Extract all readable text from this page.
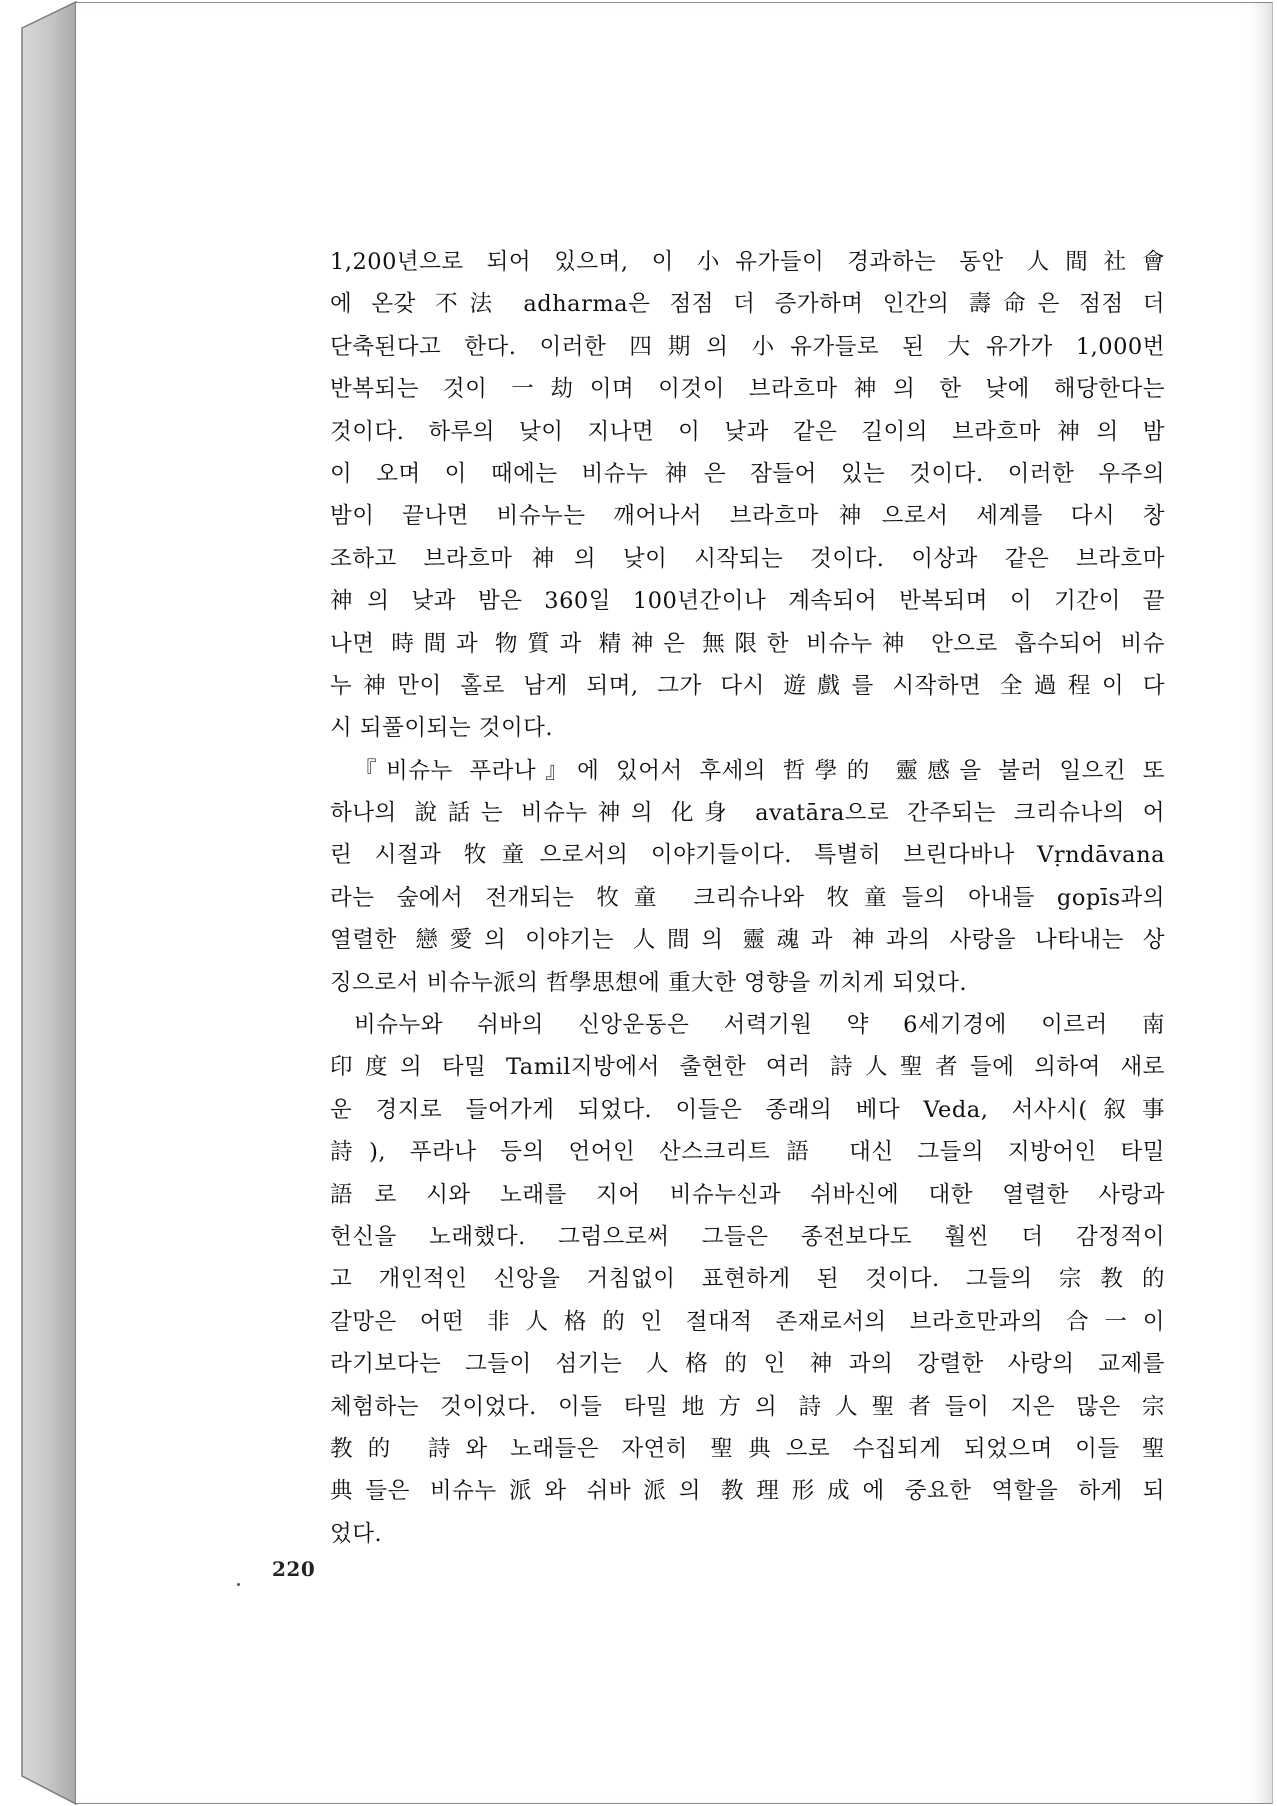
1,200년으로 되어 있으며, 이 小유가들이 경과하는 동안 人間社會
에 온갖 不法 adharma은 점점 더 증가하며 인간의 壽命은 점점 더
단축된다고 한다. 이러한 四期의 小유가들로 된 大유가가 1,000번
반복되는 것이 一劫이며 이것이 브라흐마神의 한 낮에 해당한다는
것이다. 하루의 낮이 지나면 이 낮과 같은 길이의 브라흐마神의 밤
이 오며 이 때에는 비슈누神은 잠들어 있는 것이다. 이러한 우주의
밤이 끝나면 비슈누는 깨어나서 브라흐마神으로서 세계를 다시 창
조하고 브라흐마神의 낮이 시작되는 것이다. 이상과 같은 브라흐마
神의 낮과 밤은 360일 100년간이나 계속되어 반복되며 이 기간이 끝
나면 時間과 物質과 精神은 無限한 비슈누神 안으로 흡수되어 비슈
누神만이 홀로 남게 되며, 그가 다시 遊戲를 시작하면 全過程이 다
시 되풀이되는 것이다.
『비슈누 푸라나』에 있어서 후세의 哲學的 靈感을 불러 일으킨 또
하나의 說話는 비슈누神의 化身 avatāra으로 간주되는 크리슈나의 어
린 시절과 牧童으로서의 이야기들이다. 특별히 브린다바나 Vṛndāvana
라는 숲에서 전개되는 牧童 크리슈나와 牧童들의 아내들 gopīs과의
열렬한 戀愛의 이야기는 人間의 靈魂과 神과의 사랑을 나타내는 상
징으로서 비슈누派의 哲學思想에 重大한 영향을 끼치게 되었다.
비슈누와 쉬바의 신앙운동은 서력기원 약 6세기경에 이르러 南
印度의 타밀 Tamil지방에서 출현한 여러 詩人聖者들에 의하여 새로
운 경지로 들어가게 되었다. 이들은 종래의 베다 Veda, 서사시(叙事
詩), 푸라나 등의 언어인 산스크리트語 대신 그들의 지방어인 타밀
語로 시와 노래를 지어 비슈누신과 쉬바신에 대한 열렬한 사랑과
헌신을 노래했다. 그럼으로써 그들은 종전보다도 훨씬 더 감정적이
고 개인적인 신앙을 거침없이 표현하게 된 것이다. 그들의 宗教的
갈망은 어떤 非人格的인 절대적 존재로서의 브라흐만과의 合一이
라기보다는 그들이 섬기는 人格的인 神과의 강렬한 사랑의 교제를
체험하는 것이었다. 이들 타밀地方의 詩人聖者들이 지은 많은 宗
教的 詩와 노래들은 자연히 聖典으로 수집되게 되었으며 이들 聖
典들은 비슈누派와 쉬바派의 教理形成에 중요한 역할을 하게 되
었다.
220
